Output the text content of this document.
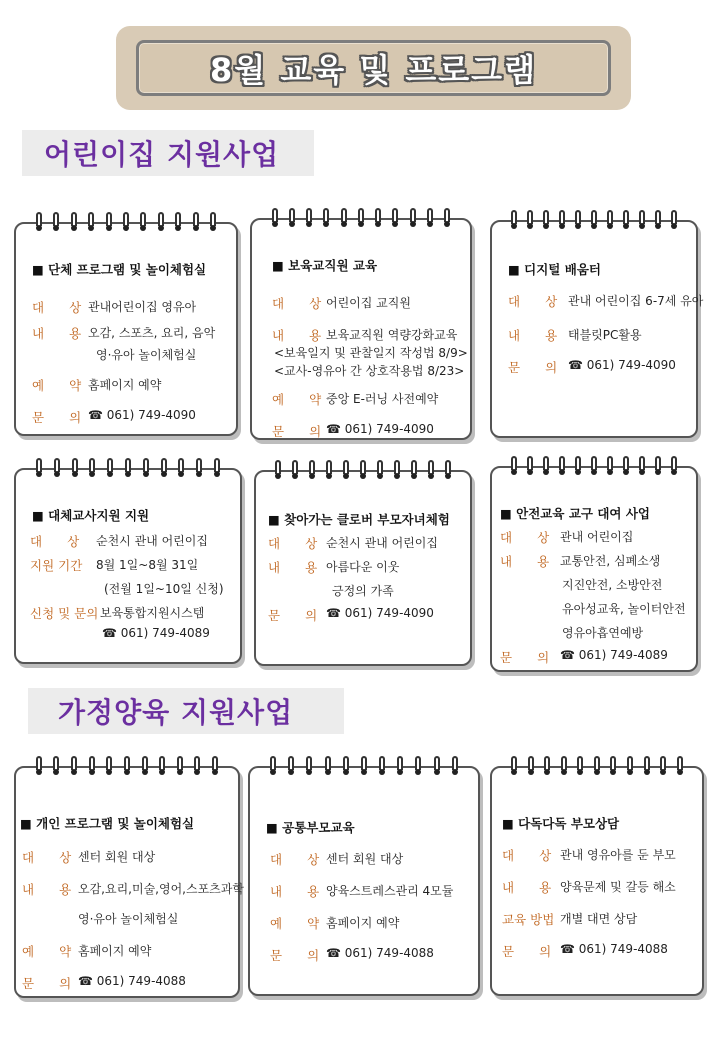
8월 교육 및 프로그램
어린이집 지원사업
가정양육 지원사업
■ 단체 프로그램 및 놀이체험실
대　　상 관내어린이집 영유아
내　　용 오감, 스포츠, 요리, 음악
영·유아 놀이체험실
예　　약 홈페이지 예약
문　　의 ☎ 061) 749-4090
■ 보육교직원 교육
대　　상 어린이집 교직원
내　　용 보육교직원 역량강화교육
<보육일지 및 관찰일지 작성법 8/9>
<교사-영유아 간 상호작용법 8/23>
예　　약 중앙 E-러닝 사전예약
문　　의 ☎ 061) 749-4090
■ 디지털 배움터
대　　상 관내 어린이집 6-7세 유아
내　　용 태블릿PC활용
문　　의 ☎ 061) 749-4090
■ 대체교사지원 지원
대　　상 순천시 관내 어린이집
지원 기간 8월 1일~8월 31일
(전월 1일~10일 신청)
신청 및 문의 보육통합지원시스템
☎ 061) 749-4089
■ 찾아가는 클로버 부모자녀체험
대　　상 순천시 관내 어린이집
내　　용 아름다운 이웃
긍정의 가족
문　　의 ☎ 061) 749-4090
■ 안전교육 교구 대여 사업
대　　상 관내 어린이집
내　　용 교통안전, 심폐소생
지진안전, 소방안전
유아성교육, 놀이터안전
영유아흡연예방
문　　의 ☎ 061) 749-4089
■ 개인 프로그램 및 놀이체험실
대　　상 센터 회원 대상
내　　용 오감,요리,미술,영어,스포츠과학
영·유아 놀이체험실
예　　약 홈페이지 예약
문　　의 ☎ 061) 749-4088
■ 공통부모교육
대　　상 센터 회원 대상
내　　용 양육스트레스관리 4모듈
예　　약 홈페이지 예약
문　　의 ☎ 061) 749-4088
■ 다독다독 부모상담
대　　상 관내 영유아를 둔 부모
내　　용 양육문제 및 갈등 해소
교육 방법 개별 대면 상담
문　　의 ☎ 061) 749-4088
